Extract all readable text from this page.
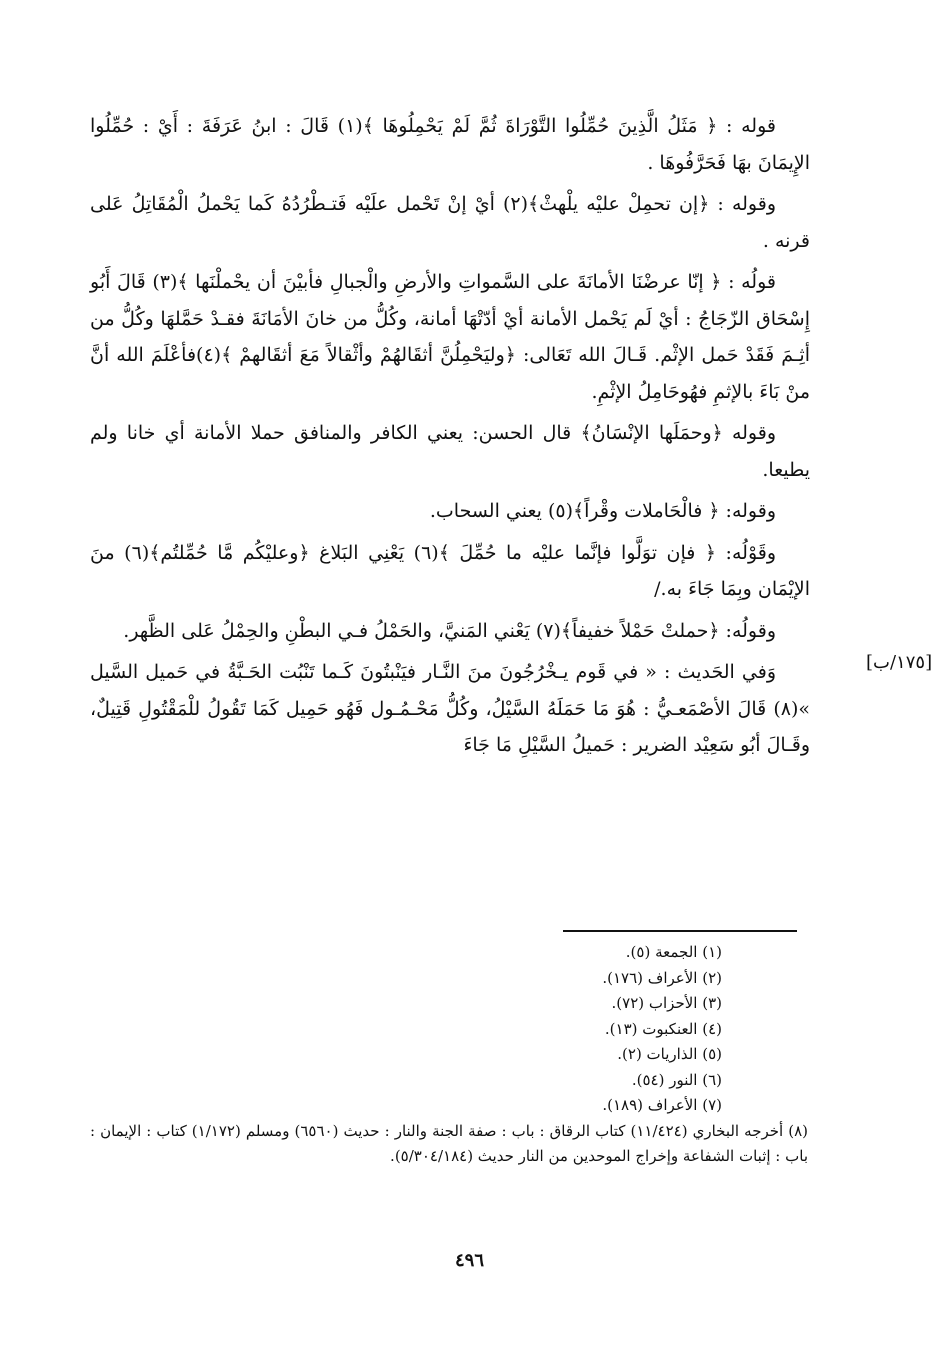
قوله : ﴿ مَثَلُ الَّذِينَ حُمِّلُوا التَّوْرَاةَ ثُمَّ لَمْ يَحْمِلُوهَا ﴾(١) قَالَ : ابنُ عَرَفَةَ : أَيْ : حُمِّلُوا الإِيمَانَ بهَا فَحَرَّفُوهَا .

وقوله : ﴿إن تحمِلْ عليْه يلْهثْ﴾(٢) أيْ إنْ تَحْمل علَيْه فَتـطْرُدُهُ كَما يَحْملُ الْمُقَاتِلُ عَلى قرنه .

قولُه : ﴿ إنّا عرضْنَا الأمانَةَ على السَّمواتِ والأرضِ والْجبالِ فأبيْنَ أن يحْملْنَها ﴾(٣) قَالَ أَبُو إِسْحَاق الزّجَاجُ : أيْ لَم يَحْمل الأمانة أيْ أدّتْهَا أمانة، وكُلُّ من خانَ الأمَانَةَ فقـدْ حَمَّلهَا وكُلُّ من أثِـمَ فَقَدْ حَمل الإثْم. قَـالَ الله تَعَالى: ﴿وليَحْمِلُنَّ أثقَالهُمْ وأثْقالاً مَعَ أثقَالهمْ ﴾(٤)فأعْلَمَ الله أنَّ منْ بَاءَ بالإثمِ فهُوحَامِلُ الإثْمِ.

وقوله ﴿وحمَلَها الإنْسَانُ﴾ قال الحسن: يعني الكافر والمنافق حملا الأمانة أي خانا ولم يطيعا.

وقوله: ﴿ فالْحَاملات وقْراً﴾(٥) يعني السحاب.

وقَوْلُه: ﴿ فإن توَلَّوا فإنَّما عليْه ما حُمِّلَ ﴾(٦) يَعْنِي البَلاغ ﴿وعليْكُم مَّا حُمِّلتُم﴾(٦) منَ الإيْمَان وبِمَا جَاءَ به./

وقولُه: ﴿حملتْ حَمْلاً خفيفاً﴾(٧) يَعْني المَنيَّ، والحَمْلُ فـي البطْنِ والحِمْلُ عَلى الظَّهر.

وَفي الحَديث : « في قَوم يـخْرُجُونَ منَ النَّـار فيَنْبتُونَ كَـما تَنْبُت الحَـبَّةُ في حَميل السَّيل »(٨) قَالَ الأصْمَعـيُّ : هُوَ مَا حَمَلَهُ السَّيْلُ، وكُلُّ مَحْـمُـول فَهُو حَمِيل كَمَا تَقُولُ للْمَقْتُولِ قَتِيلٌ، وقَـالَ أبُو سَعِيْد الضرير : حَميلُ السَّيْلِ مَا جَاءَ

[١٧٥/ب]

(١) الجمعة (٥).

(٢) الأعراف (١٧٦).

(٣) الأحزاب (٧٢).

(٤) العنكبوت (١٣).

(٥) الذاريات (٢).

(٦) النور (٥٤).

(٧) الأعراف (١٨٩).

(٨) أخرجه البخاري (١١/٤٢٤) كتاب الرقاق : باب : صفة الجنة والنار : حديث (٦٥٦٠) ومسلم (١/١٧٢) كتاب : الإيمان : باب : إثبات الشفاعة وإخراج الموحدين من النار حديث (٥/٣٠٤/١٨٤).

٤٩٦
